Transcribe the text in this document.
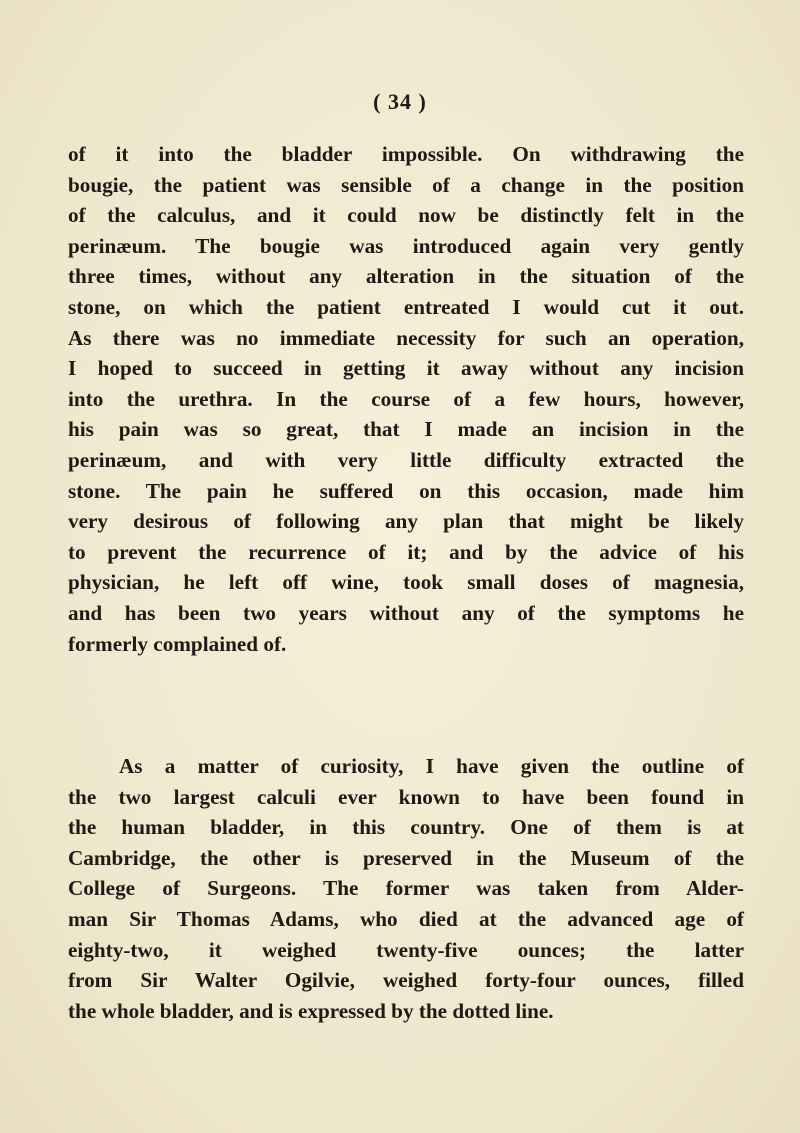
( 34 )
of it into the bladder impossible. On withdrawing the
bougie, the patient was sensible of a change in the position
of the calculus, and it could now be distinctly felt in the
perinæum. The bougie was introduced again very gently
three times, without any alteration in the situation of the
stone, on which the patient entreated I would cut it out.
As there was no immediate necessity for such an operation,
I hoped to succeed in getting it away without any incision
into the urethra. In the course of a few hours, however,
his pain was so great, that I made an incision in the
perinæum, and with very little difficulty extracted the
stone. The pain he suffered on this occasion, made him
very desirous of following any plan that might be likely
to prevent the recurrence of it; and by the advice of his
physician, he left off wine, took small doses of magnesia,
and has been two years without any of the symptoms he
formerly complained of.
As a matter of curiosity, I have given the outline of
the two largest calculi ever known to have been found in
the human bladder, in this country. One of them is at
Cambridge, the other is preserved in the Museum of the
College of Surgeons. The former was taken from Alder-
man Sir Thomas Adams, who died at the advanced age of
eighty-two, it weighed twenty-five ounces; the latter
from Sir Walter Ogilvie, weighed forty-four ounces, filled
the whole bladder, and is expressed by the dotted line.
